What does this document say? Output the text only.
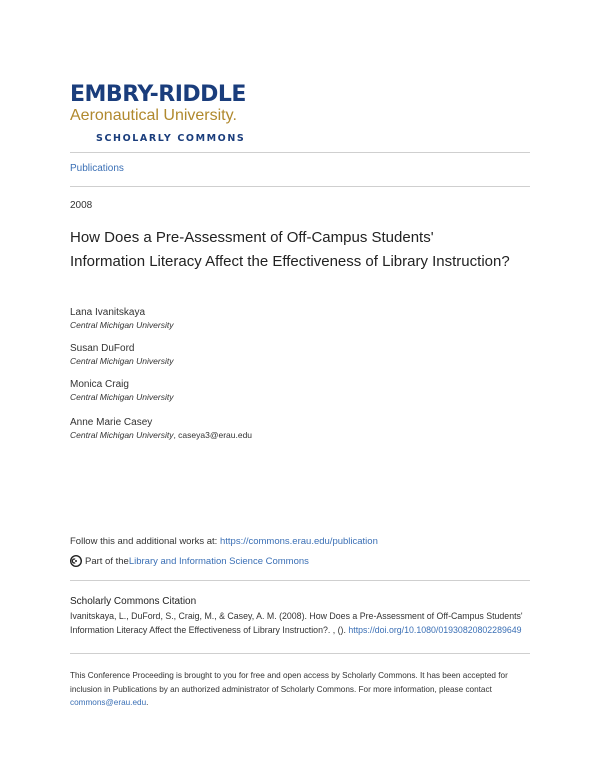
EMBRY-RIDDLE
Aeronautical University.
SCHOLARLY COMMONS
Publications
2008
How Does a Pre-Assessment of Off-Campus Students' Information Literacy Affect the Effectiveness of Library Instruction?
Lana Ivanitskaya
Central Michigan University
Susan DuFord
Central Michigan University
Monica Craig
Central Michigan University
Anne Marie Casey
Central Michigan University, caseya3@erau.edu
Follow this and additional works at: https://commons.erau.edu/publication
Part of the Library and Information Science Commons
Scholarly Commons Citation
Ivanitskaya, L., DuFord, S., Craig, M., & Casey, A. M. (2008). How Does a Pre-Assessment of Off-Campus Students' Information Literacy Affect the Effectiveness of Library Instruction?. , (). https://doi.org/10.1080/01930820802289649
This Conference Proceeding is brought to you for free and open access by Scholarly Commons. It has been accepted for inclusion in Publications by an authorized administrator of Scholarly Commons. For more information, please contact commons@erau.edu.
